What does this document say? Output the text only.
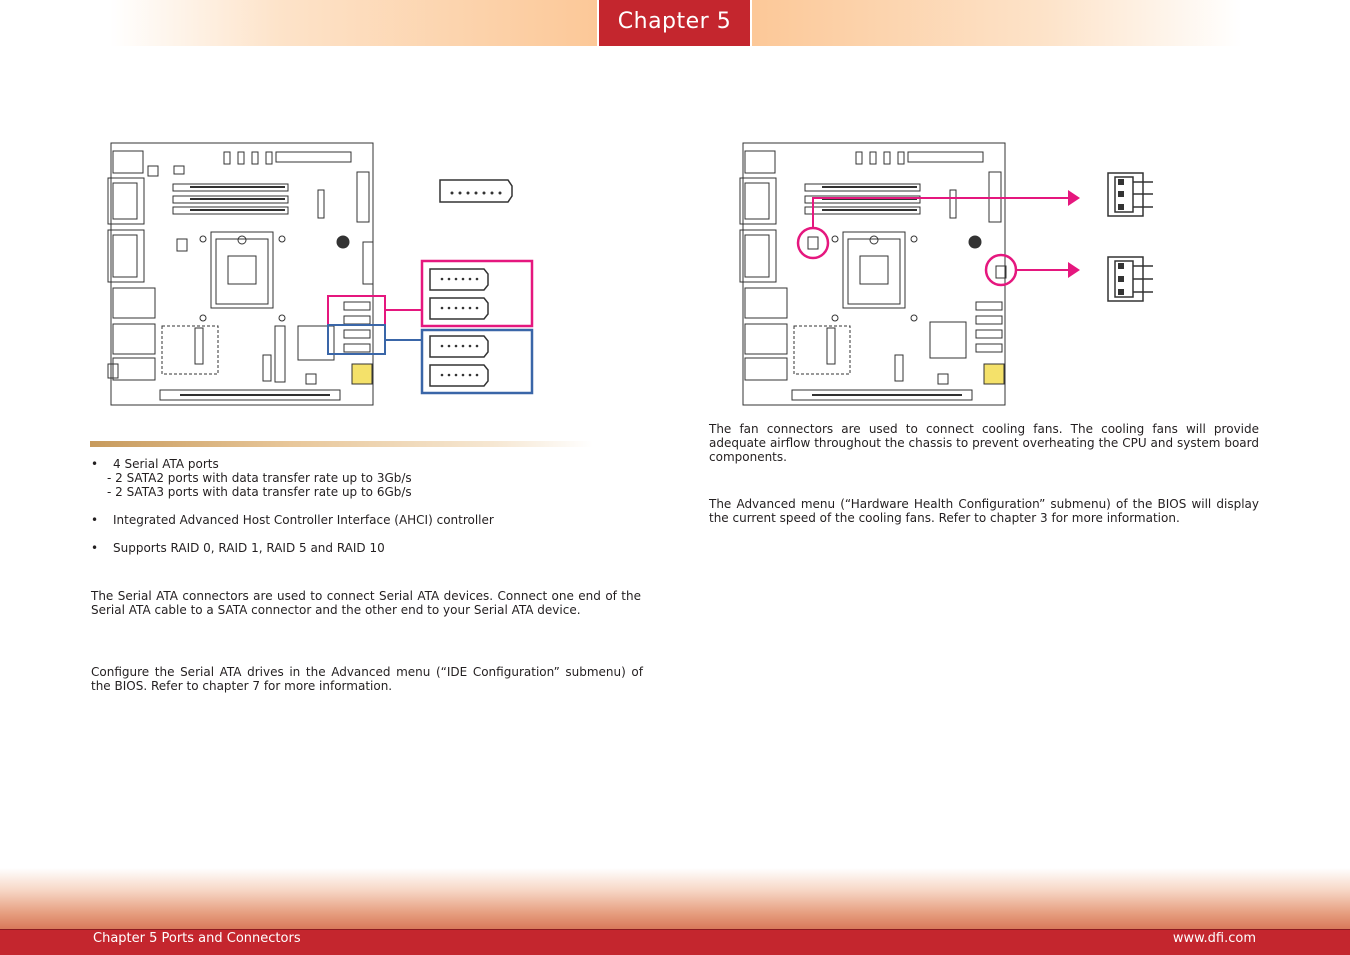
Chapter 5
• 4 Serial ATA ports
- 2 SATA2 ports with data transfer rate up to 3Gb/s
- 2 SATA3 ports with data transfer rate up to 6Gb/s
• Integrated Advanced Host Controller Interface (AHCI) controller
• Supports RAID 0, RAID 1, RAID 5 and RAID 10

The Serial ATA connectors are used to connect Serial ATA devices. Connect one end of the Serial ATA cable to a SATA connector and the other end to your Serial ATA device.

Configure the Serial ATA drives in the Advanced menu (“IDE Configuration” submenu) of the BIOS. Refer to chapter 7 for more information.

The fan connectors are used to connect cooling fans. The cooling fans will provide adequate airflow throughout the chassis to prevent overheating the CPU and system board components.

The Advanced menu (“Hardware Health Configuration” submenu) of the BIOS will display the current speed of the cooling fans. Refer to chapter 3 for more information.

Chapter 5 Ports and Connectors	www.dfi.com
